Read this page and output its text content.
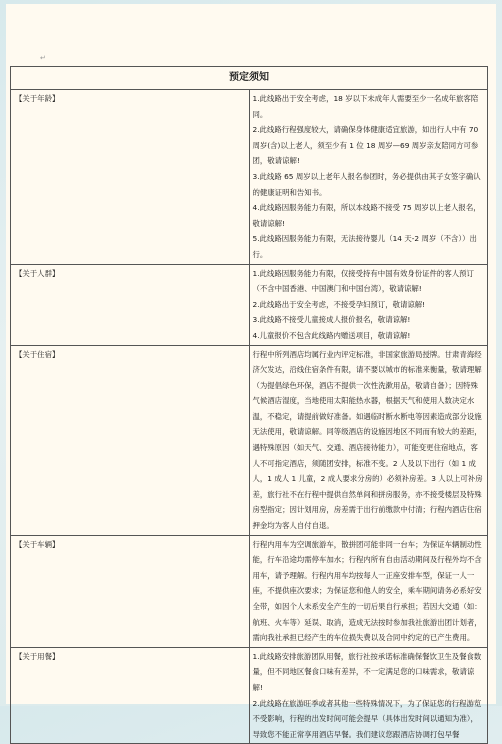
↵
预定须知	
【关于年龄】	1.此线路出于安全考虑，18 岁以下未成年人需要至少一名成年旅客陪同。
2.此线路行程强度较大，请确保身体健康适宜旅游，如出行人中有 70 周岁(含)以上老人，须至少有 1 位 18 周岁—69 周岁亲友陪同方可参团，敬请谅解!
3.此线路 65 周岁以上老年人报名参团时，务必提供由其子女签字确认的健康证明和告知书。
4.此线路因服务能力有限，所以本线路不接受 75 周岁以上老人报名，敬请谅解!
5.此线路因服务能力有限，无法接待婴儿（14 天-2 周岁（不含））出行。

【关于人群】	1.此线路因服务能力有限，仅接受持有中国有效身份证件的客人预订（不含中国香港、中国澳门和中国台湾），敬请谅解!
2.此线路出于安全考虑，不接受孕妇预订，敬请谅解!
3.此线路不接受儿童接成人报价报名，敬请谅解!
4.儿童报价不包含此线路内赠送项目，敬请谅解!

【关于住宿】	行程中所列酒店均属行业内评定标准，非国家旅游局授牌。甘肃青海经济欠发达，沿线住宿条件有限，请不要以城市的标准来衡量，敬请理解（为提倡绿色环保，酒店不提供一次性洗漱用品，敬请自备）；因特殊气候酒店湿度，当地使用太阳能热水器，根据天气和使用人数决定水温，不稳定，请提前做好准备。如遇临时断水断电等因素造成部分设施无法使用，敬请谅解。同等级酒店的设施因地区不同而有较大的差距，遇特殊原因（如天气、交通、酒店接待能力），可能变更住宿地点，客人不可指定酒店，须随团安排，标准不变。2 人及以下出行（如 1 成人，1 成人 1 儿童，2 成人要求分房的）必须补房差。3 人以上可补房差，旅行社不在行程中提供自然单间和拼房服务，亦不接受楼层及特殊房型指定；因计划用房，房差需于出行前缴款中付清；行程内酒店住宿押金均为客人自付自退。

【关于车辆】	行程内用车为空调旅游车，散拼团可能非同一台车；为保证车辆制动性能，行车沿途均需停车加水；行程内所有自由活动期间及行程外均不含用车，请予理解。行程内用车均按每人一正座安排车型，保证一人一座，不提供座次要求；为保证您和他人的安全，乘车期间请务必系好安全带，如因个人未系安全产生的一切后果自行承担；若因大交通（如：航班、火车等）延误、取消，造成无法按时参加我社旅游出团计划者，需向我社承担已经产生的车位损失费以及合同中约定的已产生费用。

【关于用餐】	1.此线路安排旅游团队用餐，旅行社按承诺标准确保餐饮卫生及餐食数量，但不同地区餐食口味有差异，不一定满足您的口味需求，敬请谅解!
2.此线路在旅游旺季或者其他一些特殊情况下，为了保证您的行程游览不受影响，行程的出发时间可能会提早（具体出发时间以通知为准），导致您不能正常享用酒店早餐。我们建议您跟酒店协调打包早餐
